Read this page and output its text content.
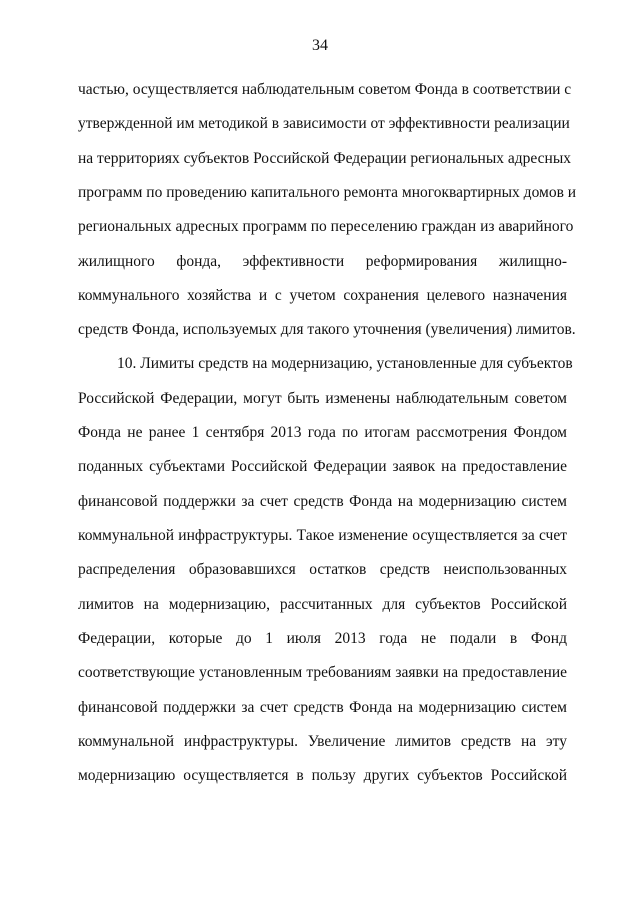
34
частью, осуществляется наблюдательным советом Фонда в соответствии с
утвержденной им методикой в зависимости от эффективности реализации
на территориях субъектов Российской Федерации региональных адресных
программ по проведению капитального ремонта многоквартирных домов и
региональных адресных программ по переселению граждан из аварийного
жилищного фонда, эффективности реформирования жилищно-
коммунального хозяйства и с учетом сохранения целевого назначения
средств Фонда, используемых для такого уточнения (увеличения) лимитов.
10. Лимиты средств на модернизацию, установленные для субъектов
Российской Федерации, могут быть изменены наблюдательным советом
Фонда не ранее 1 сентября 2013 года по итогам рассмотрения Фондом
поданных субъектами Российской Федерации заявок на предоставление
финансовой поддержки за счет средств Фонда на модернизацию систем
коммунальной инфраструктуры. Такое изменение осуществляется за счет
распределения образовавшихся остатков средств неиспользованных
лимитов на модернизацию, рассчитанных для субъектов Российской
Федерации, которые до 1 июля 2013 года не подали в Фонд
соответствующие установленным требованиям заявки на предоставление
финансовой поддержки за счет средств Фонда на модернизацию систем
коммунальной инфраструктуры. Увеличение лимитов средств на эту
модернизацию осуществляется в пользу других субъектов Российской
